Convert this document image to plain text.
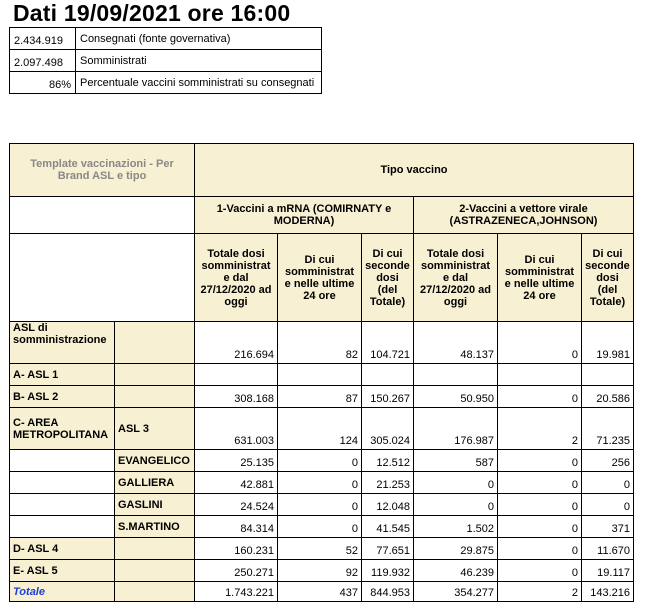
Dati 19/09/2021 ore 16:00
2.434.919	Consegnati (fonte governativa)
2.097.498	Somministrati
86%	Percentuale vaccini somministrati su consegnati
Template vaccinazioni - Per Brand ASL e tipo		Tipo vaccino					
		1-Vaccini a mRNA (COMIRNATY e MODERNA)			2-Vaccini a vettore virale (ASTRAZENECA,JOHNSON)		
		Totale dosi somministrat e dal 27/12/2020 ad oggi	Di cui somministrat e nelle ultime 24 ore	Di cui seconde dosi (del Totale)	Totale dosi somministrat e dal 27/12/2020 ad oggi	Di cui somministrat e nelle ultime 24 ore	Di cui seconde dosi (del Totale)
ASL di somministrazione		216.694	82	104.721	48.137	0	19.981
A- ASL 1							
B- ASL 2		308.168	87	150.267	50.950	0	20.586
C- AREA METROPOLITANA	ASL 3	631.003	124	305.024	176.987	2	71.235
	EVANGELICO	25.135	0	12.512	587	0	256
	GALLIERA	42.881	0	21.253	0	0	0
	GASLINI	24.524	0	12.048	0	0	0
	S.MARTINO	84.314	0	41.545	1.502	0	371
D- ASL 4		160.231	52	77.651	29.875	0	11.670
E- ASL 5		250.271	92	119.932	46.239	0	19.117
Totale		1.743.221	437	844.953	354.277	2	143.216
